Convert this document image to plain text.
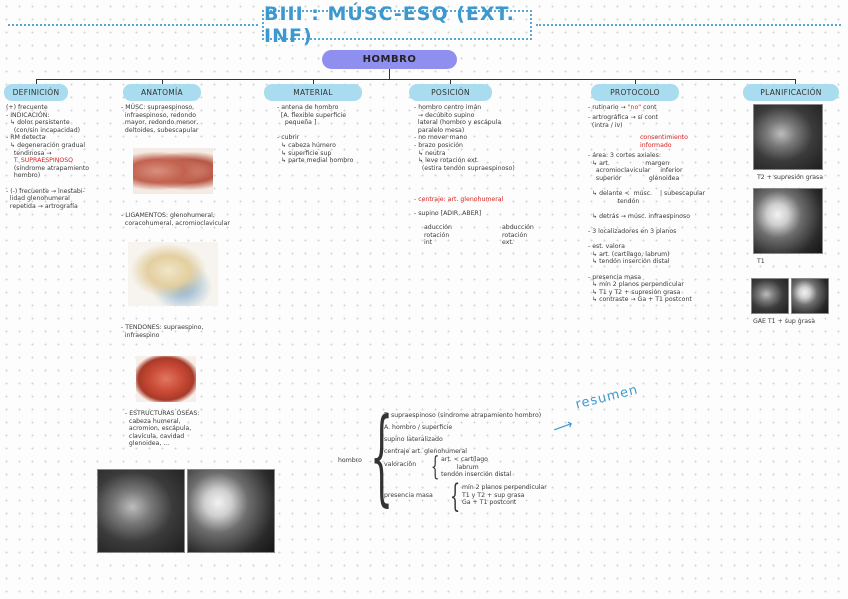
BIII : MÚSC-ESQ (EXT. INF)
HOMBRO
DEFINICIÓN	ANATOMÍA	MATERIAL	POSICIÓN	PROTOCOLO	PLANIFICACIÓN
(+) frecuente
- INDICACIÓN:
↳ dolor persistente
(con/sin incapacidad)
- RM detecta
↳ degeneración gradual
tendinosa →
T. SUPRAESPINOSO
(síndrome atrapamiento
hombro)

- (-) frecuente → inestabi-
lidad glenohumeral
repetida → artrografía
- MÚSC: supraespinoso,
infraespinoso, redondo
mayor, redondo menor,
deltoides, subescapular
- LIGAMENTOS: glenohumeral,
coracohumeral, acromioclavicular
- TENDONES: supraespino,
infraespino
- ESTRUCTURAS ÓSEAS:
cabeza humeral,
acromion, escápula,
clavícula, cavidad
glenoidea, ...
- antena de hombro
[A. flexible superficie
pequeña ]

- cubrir
↳ cabeza húmero
↳ superficie sup
↳ parte medial hombro
- hombro centro imán
→ decúbito supino
lateral (hombro y escápula
paralelo mesa)
- no mover mano
- brazo posición
↳ neutra
↳ leve rotación ext.
(estira tendón supraespinoso)
- centraje: art. glenohumeral
- supino [ADIR, ABER]
aducción
rotación
int
abducción
rotación
ext.
- rutinario → "no" cont
- artrográfica → sí cont
(intra / iv)
consentimiento
informado
- área: 3 cortes axiales:
↳ art.                  margen
acromioclavicular     inferior
superior              glenoidea

↳ delante <  músc.    | subescapular
tendón

↳ detrás → músc. infraespinoso

- 3 localizadores en 3 planos

- est. valora
↳ art. (cartílago, labrum)
↳ tendón inserción distal

- presencia masa
↳ mín 2 planos perpendicular
↳ T1 y T2 + supresión grasa
↳ contraste → Ga + T1 postcont
T2 + supresión grasa
T1
GAE T1 + sup grasa
⟶
resumen
hombro {
T. supraespinoso (síndrome atrapamiento hombro)
A. hombro / superficie
supino lateralizado
centraje art. glenohumeral
valoración { art. < cartílago
labrum
tendón inserción distal
presencia masa { mín 2 planos perpendicular
T1 y T2 + sup grasa
Ga + T1 postcont
